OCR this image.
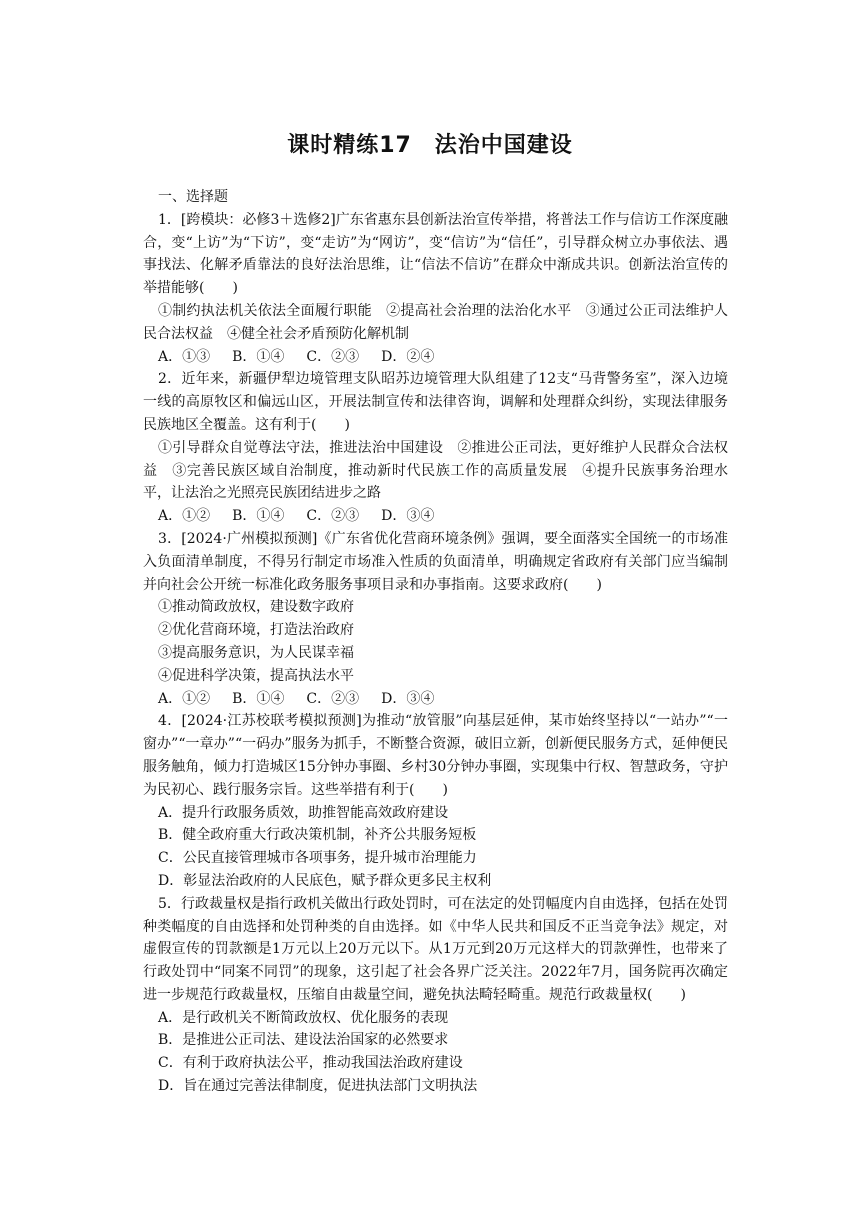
课时精练17　法治中国建设

一、选择题

1．[跨模块：必修3＋选修2]广东省惠东县创新法治宣传举措，将普法工作与信访工作深度融合，变“上访”为“下访”，变“走访”为“网访”，变“信访”为“信任”，引导群众树立办事依法、遇事找法、化解矛盾靠法的良好法治思维，让“信法不信访”在群众中渐成共识。创新法治宣传的举措能够(　　)

①制约执法机关依法全面履行职能　②提高社会治理的法治化水平　③通过公正司法维护人民合法权益　④健全社会矛盾预防化解机制

A．①③ B．①④ C．②③ D．②④

2．近年来，新疆伊犁边境管理支队昭苏边境管理大队组建了12支“马背警务室”，深入边境一线的高原牧区和偏远山区，开展法制宣传和法律咨询，调解和处理群众纠纷，实现法律服务民族地区全覆盖。这有利于(　　)

①引导群众自觉尊法守法，推进法治中国建设　②推进公正司法，更好维护人民群众合法权益　③完善民族区域自治制度，推动新时代民族工作的高质量发展　④提升民族事务治理水平，让法治之光照亮民族团结进步之路

A．①② B．①④ C．②③ D．③④

3．[2024·广州模拟预测]《广东省优化营商环境条例》强调，要全面落实全国统一的市场准入负面清单制度，不得另行制定市场准入性质的负面清单，明确规定省政府有关部门应当编制并向社会公开统一标准化政务服务事项目录和办事指南。这要求政府(　　)

①推动简政放权，建设数字政府

②优化营商环境，打造法治政府

③提高服务意识，为人民谋幸福

④促进科学决策，提高执法水平

A．①② B．①④ C．②③ D．③④

4．[2024·江苏校联考模拟预测]为推动“放管服”向基层延伸，某市始终坚持以“一站办”“一窗办”“一章办”“一码办”服务为抓手，不断整合资源，破旧立新，创新便民服务方式，延伸便民服务触角，倾力打造城区15分钟办事圈、乡村30分钟办事圈，实现集中行权、智慧政务，守护为民初心、践行服务宗旨。这些举措有利于(　　)

A．提升行政服务质效，助推智能高效政府建设

B．健全政府重大行政决策机制，补齐公共服务短板

C．公民直接管理城市各项事务，提升城市治理能力

D．彰显法治政府的人民底色，赋予群众更多民主权利

5．行政裁量权是指行政机关做出行政处罚时，可在法定的处罚幅度内自由选择，包括在处罚种类幅度的自由选择和处罚种类的自由选择。如《中华人民共和国反不正当竞争法》规定，对虚假宣传的罚款额是1万元以上20万元以下。从1万元到20万元这样大的罚款弹性，也带来了行政处罚中“同案不同罚”的现象，这引起了社会各界广泛关注。2022年7月，国务院再次确定进一步规范行政裁量权，压缩自由裁量空间，避免执法畸轻畸重。规范行政裁量权(　　)

A．是行政机关不断简政放权、优化服务的表现

B．是推进公正司法、建设法治国家的必然要求

C．有利于政府执法公平，推动我国法治政府建设

D．旨在通过完善法律制度，促进执法部门文明执法
